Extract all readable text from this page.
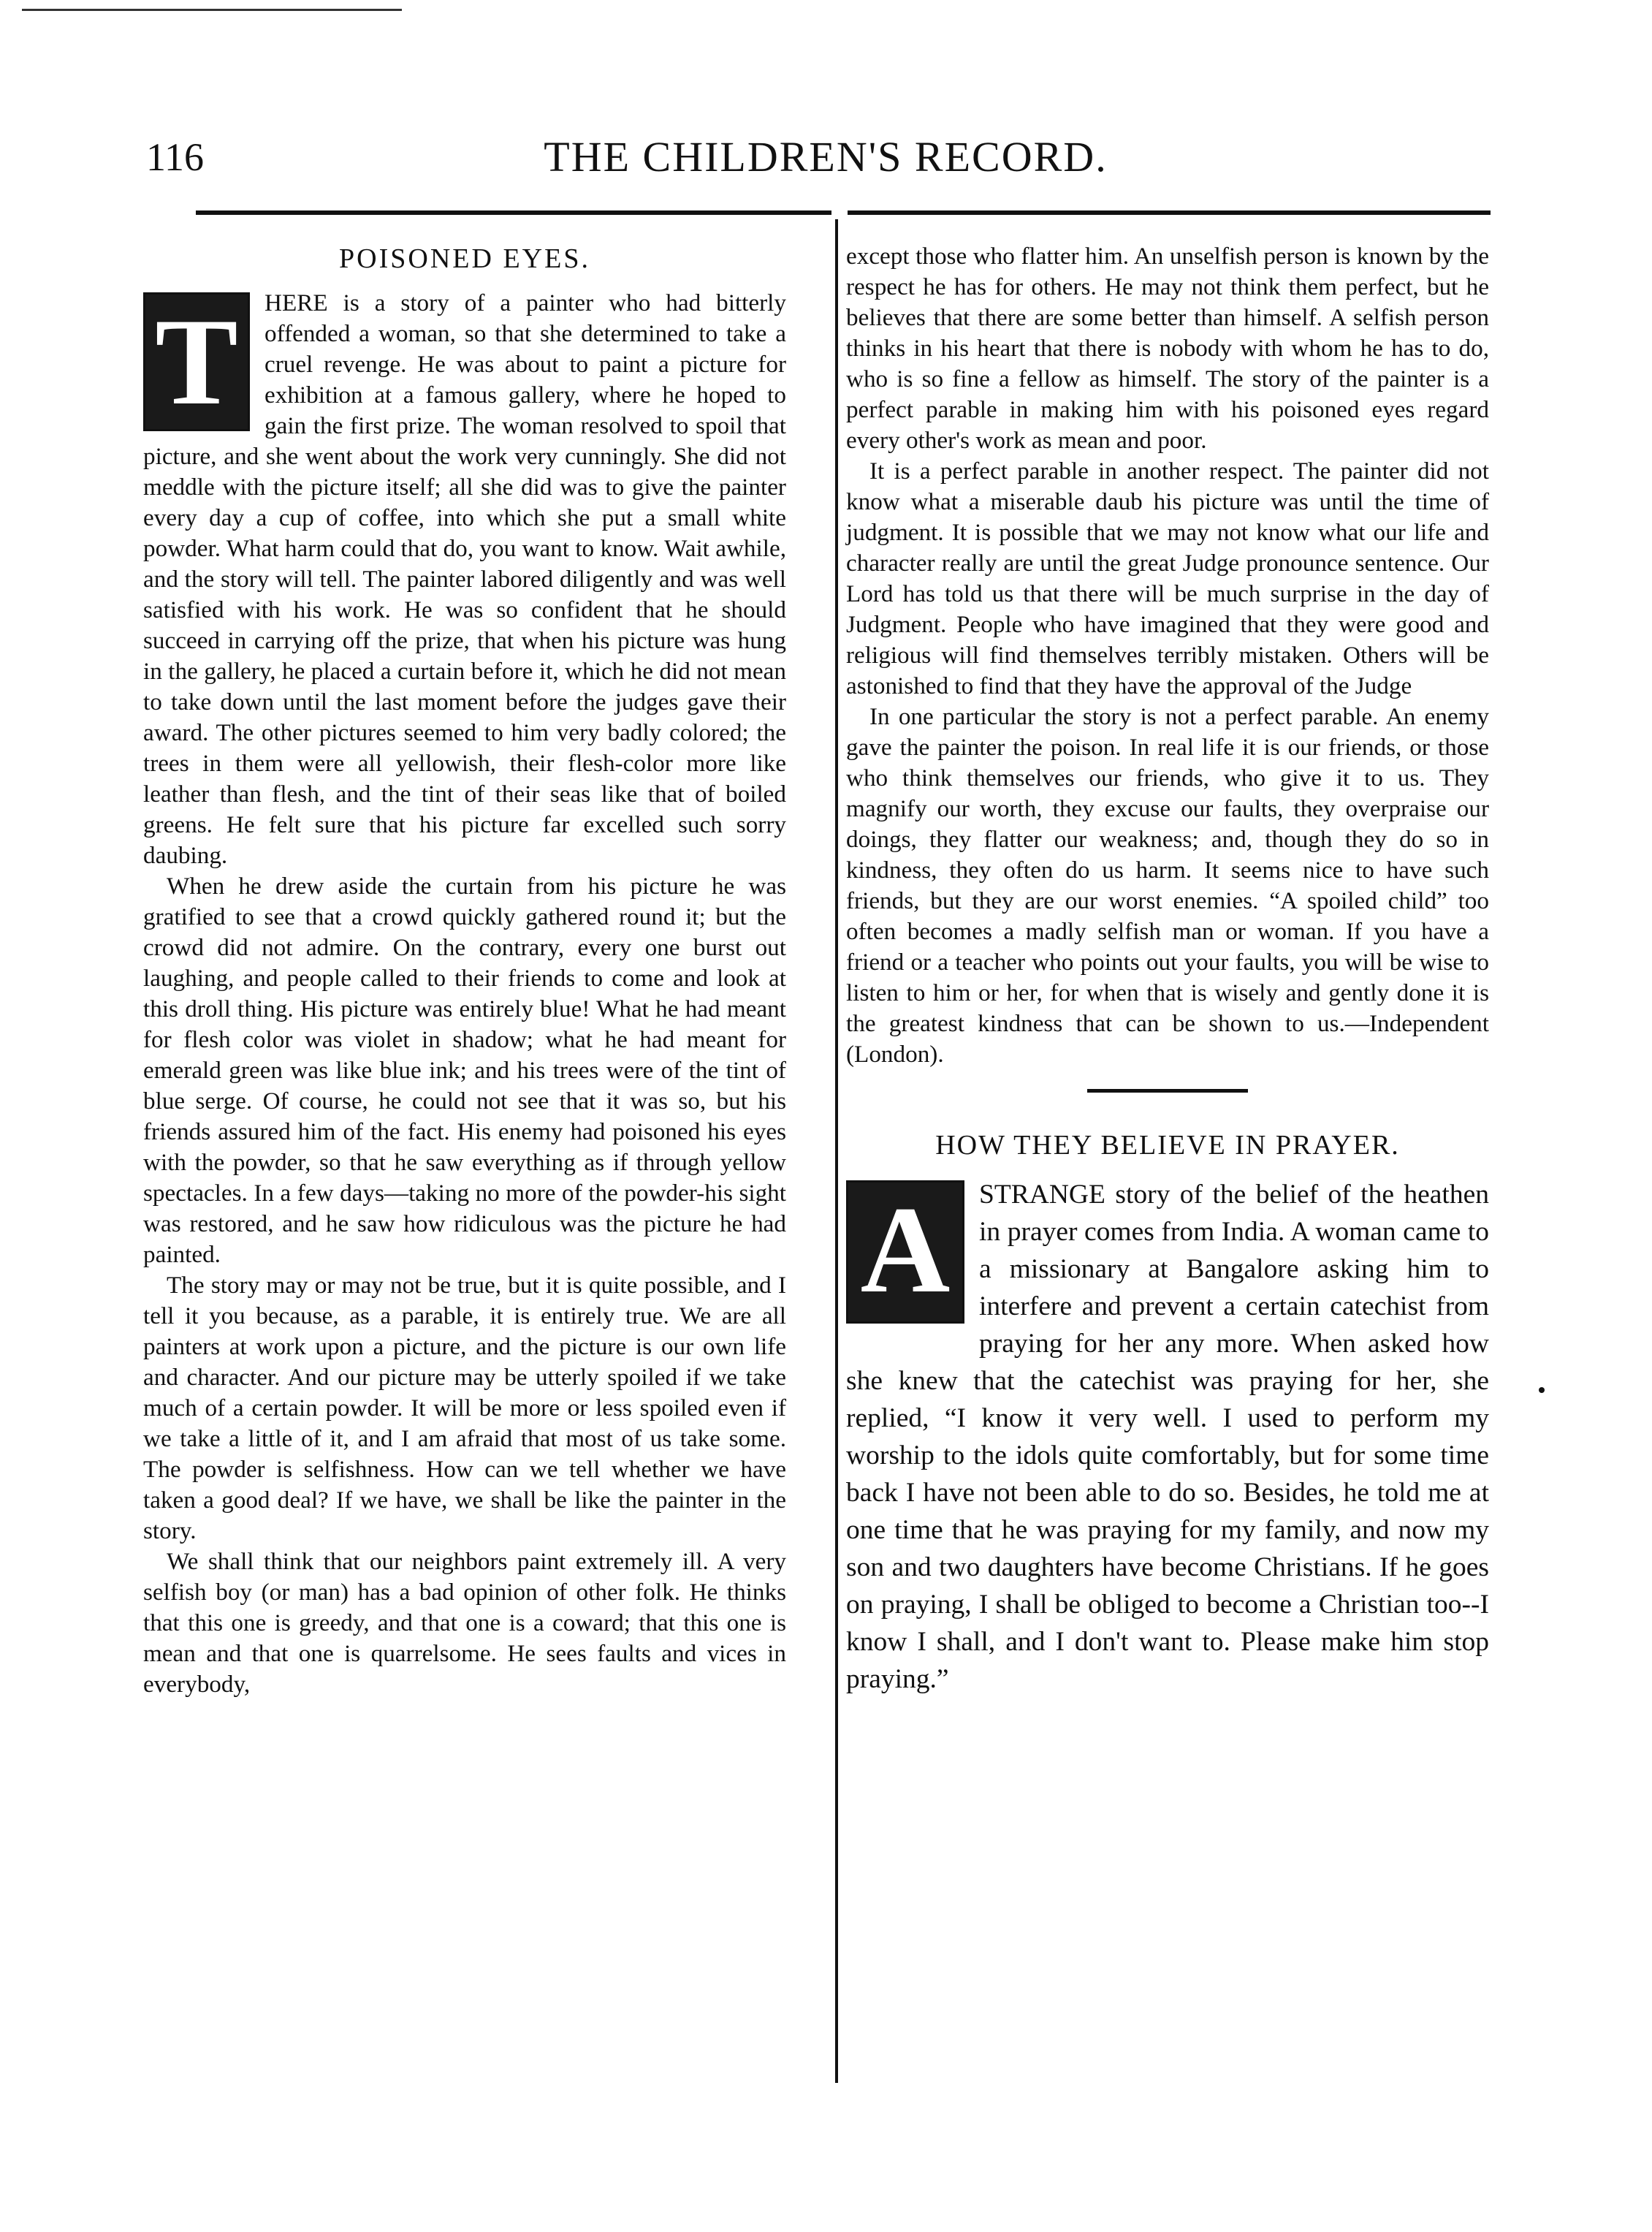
116	THE CHILDREN'S RECORD.
POISONED EYES.
T	HERE is a story of a painter who had bitterly offended a woman, so that she determined to take a cruel revenge. He was about to paint a picture for exhibition at a famous gallery, where he hoped to gain the first prize. The woman resolved to spoil that picture, and she went about the work very cunningly. She did not meddle with the picture itself; all she did was to give the painter every day a cup of coffee, into which she put a small white powder. What harm could that do, you want to know. Wait awhile, and the story will tell. The painter labored diligently and was well satisfied with his work. He was so confident that he should succeed in carrying off the prize, that when his picture was hung in the gallery, he placed a curtain before it, which he did not mean to take down until the last moment before the judges gave their award. The other pictures seemed to him very badly colored; the trees in them were all yellowish, their flesh-color more like leather than flesh, and the tint of their seas like that of boiled greens. He felt sure that his picture far excelled such sorry daubing.

When he drew aside the curtain from his picture he was gratified to see that a crowd quickly gathered round it; but the crowd did not admire. On the contrary, every one burst out laughing, and people called to their friends to come and look at this droll thing. His picture was entirely blue! What he had meant for flesh color was violet in shadow; what he had meant for emerald green was like blue ink; and his trees were of the tint of blue serge. Of course, he could not see that it was so, but his friends assured him of the fact. His enemy had poisoned his eyes with the powder, so that he saw everything as if through yellow spectacles. In a few days—taking no more of the powder-his sight was restored, and he saw how ridiculous was the picture he had painted.

The story may or may not be true, but it is quite possible, and I tell it you because, as a parable, it is entirely true. We are all painters at work upon a picture, and the picture is our own life and character. And our picture may be utterly spoiled if we take much of a certain powder. It will be more or less spoiled even if we take a little of it, and I am afraid that most of us take some. The powder is selfishness. How can we tell whether we have taken a good deal? If we have, we shall be like the painter in the story.

We shall think that our neighbors paint extremely ill. A very selfish boy (or man) has a bad opinion of other folk. He thinks that this one is greedy, and that one is a coward; that this one is mean and that one is quarrelsome. He sees faults and vices in everybody,

except those who flatter him. An unselfish person is known by the respect he has for others. He may not think them perfect, but he believes that there are some better than himself. A selfish person thinks in his heart that there is nobody with whom he has to do, who is so fine a fellow as himself. The story of the painter is a perfect parable in making him with his poisoned eyes regard every other's work as mean and poor.

It is a perfect parable in another respect. The painter did not know what a miserable daub his picture was until the time of judgment. It is possible that we may not know what our life and character really are until the great Judge pronounce sentence. Our Lord has told us that there will be much surprise in the day of Judgment. People who have imagined that they were good and religious will find themselves terribly mistaken. Others will be astonished to find that they have the approval of the Judge

In one particular the story is not a perfect parable. An enemy gave the painter the poison. In real life it is our friends, or those who think themselves our friends, who give it to us. They magnify our worth, they excuse our faults, they overpraise our doings, they flatter our weakness; and, though they do so in kindness, they often do us harm. It seems nice to have such friends, but they are our worst enemies. “A spoiled child” too often becomes a madly selfish man or woman. If you have a friend or a teacher who points out your faults, you will be wise to listen to him or her, for when that is wisely and gently done it is the greatest kindness that can be shown to us.—Independent (London).

HOW THEY BELIEVE IN PRAYER.
A	STRANGE story of the belief of the heathen in prayer comes from India. A woman came to a missionary at Bangalore asking him to interfere and prevent a certain catechist from praying for her any more. When asked how she knew that the catechist was praying for her, she replied, “I know it very well. I used to perform my worship to the idols quite comfortably, but for some time back I have not been able to do so. Besides, he told me at one time that he was praying for my family, and now my son and two daughters have become Christians. If he goes on praying, I shall be obliged to become a Christian too--I know I shall, and I don't want to. Please make him stop praying.”
